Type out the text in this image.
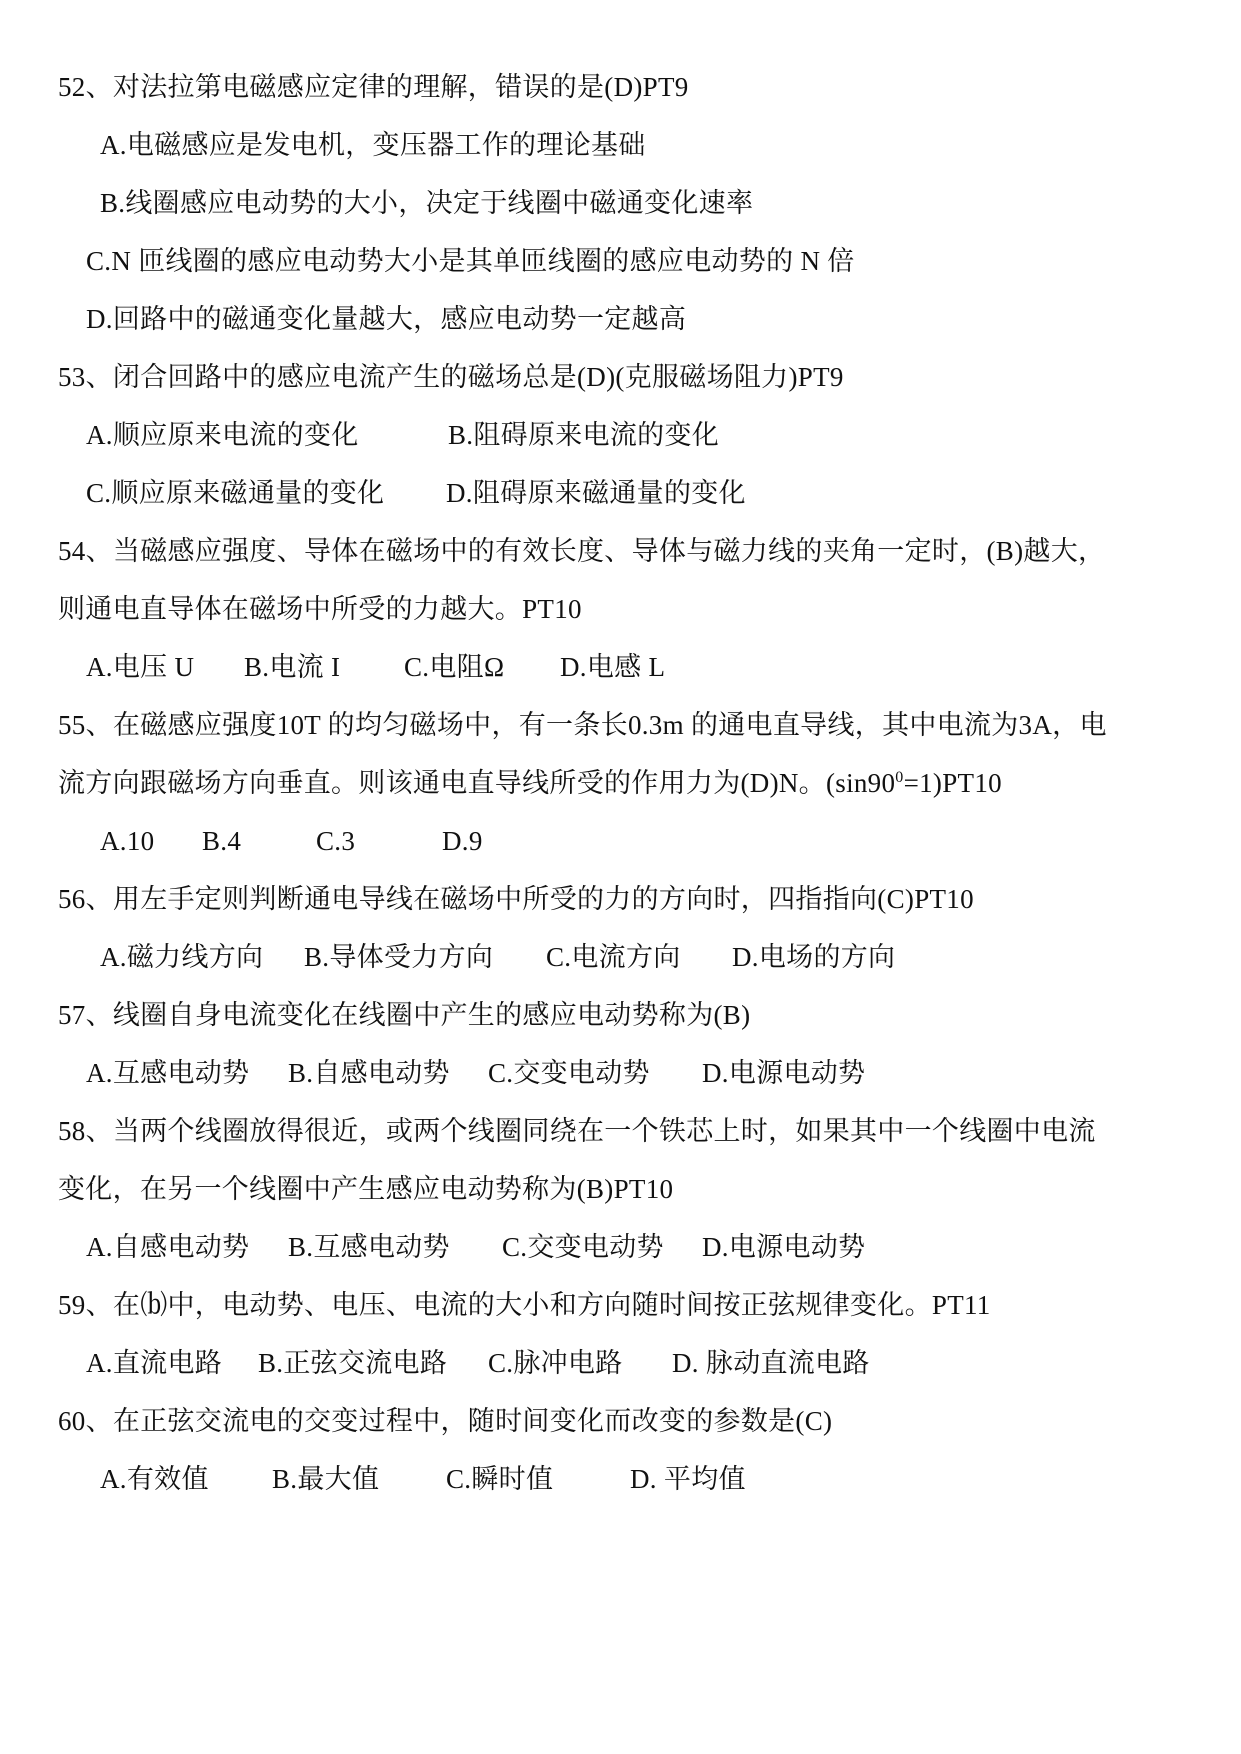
52、对法拉第电磁感应定律的理解，错误的是(D)PT9
A.电磁感应是发电机，变压器工作的理论基础
B.线圈感应电动势的大小，决定于线圈中磁通变化速率
C.N 匝线圈的感应电动势大小是其单匝线圈的感应电动势的 N 倍
D.回路中的磁通变化量越大，感应电动势一定越高
53、闭合回路中的感应电流产生的磁场总是(D)(克服磁场阻力)PT9
A.顺应原来电流的变化	B.阻碍原来电流的变化
C.顺应原来磁通量的变化 D.阻碍原来磁通量的变化
54、当磁感应强度、导体在磁场中的有效长度、导体与磁力线的夹角一定时，(B)越大，
则通电直导体在磁场中所受的力越大。PT10
A.电压 U B.电流 I C.电阻Ω D.电感 L
55、在磁感应强度10T 的均匀磁场中，有一条长0.3m 的通电直导线，其中电流为3A，电
流方向跟磁场方向垂直。则该通电直导线所受的作用力为(D)N。$(\sin 90^0=1)PT10$
A.10 B.4	C.3	D.9
56、用左手定则判断通电导线在磁场中所受的力的方向时，四指指向(C)PT10
A.磁力线方向 B.导体受力方向 C.电流方向 D.电场的方向
57、线圈自身电流变化在线圈中产生的感应电动势称为(B)
A.互感电动势 B.自感电动势 C.交变电动势 D.电源电动势
58、当两个线圈放得很近，或两个线圈同绕在一个铁芯上时，如果其中一个线圈中电流
变化，在另一个线圈中产生感应电动势称为(B)PT10
A.自感电动势 B.互感电动势 C.交变电动势 D.电源电动势
59、在⒝中，电动势、电压、电流的大小和方向随时间按正弦规律变化。PT11
A.直流电路 B.正弦交流电路 C.脉冲电路 D. 脉动直流电路
60、在正弦交流电的交变过程中，随时间变化而改变的参数是(C)
A.有效值 B.最大值 C.瞬时值	D. 平均值
